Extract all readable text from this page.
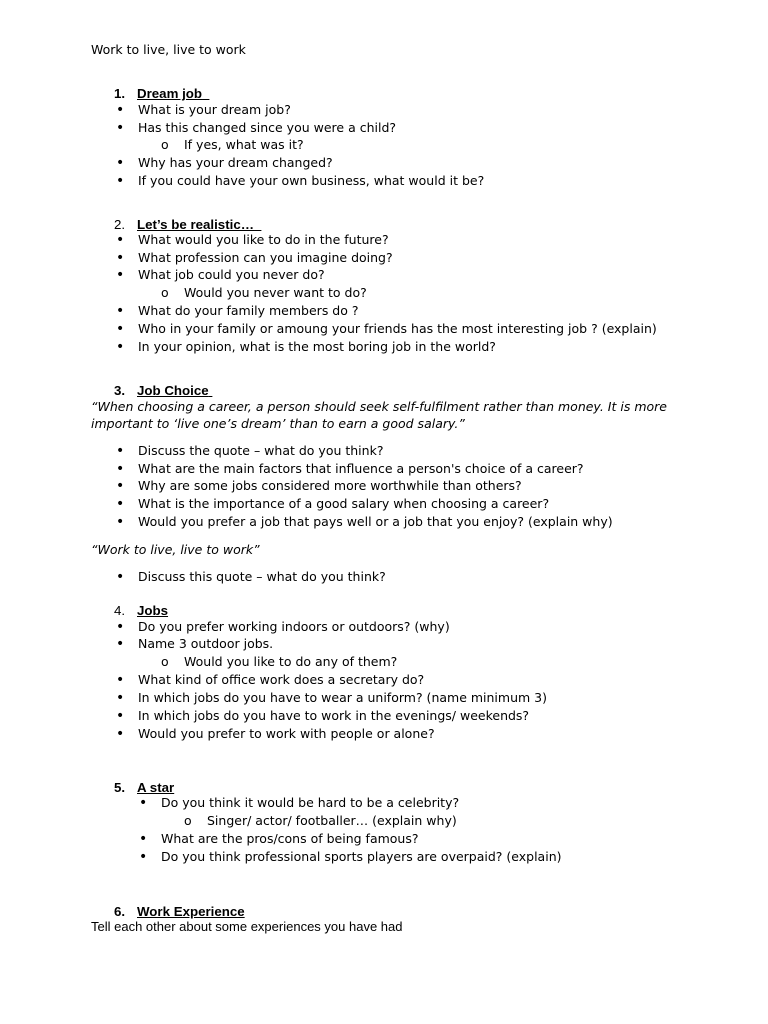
Work to live, live to work
1. Dream job
• What is your dream job?
• Has this changed since you were a child?
o If yes, what was it?
• Why has your dream changed?
• If you could have your own business, what would it be?
2. Let’s be realistic…
• What would you like to do in the future?
• What profession can you imagine doing?
• What job could you never do?
o Would you never want to do?
• What do your family members do ?
• Who in your family or amoung your friends has the most interesting job ? (explain)
• In your opinion, what is the most boring job in the world?
3. Job Choice
“When choosing a career, a person should seek self-fulfilment rather than money. It is more
important to ‘live one’s dream’ than to earn a good salary.”
• Discuss the quote – what do you think?
• What are the main factors that influence a person's choice of a career?
• Why are some jobs considered more worthwhile than others?
• What is the importance of a good salary when choosing a career?
• Would you prefer a job that pays well or a job that you enjoy? (explain why)
“Work to live, live to work”
• Discuss this quote – what do you think?
4. Jobs
• Do you prefer working indoors or outdoors? (why)
• Name 3 outdoor jobs.
o Would you like to do any of them?
• What kind of office work does a secretary do?
• In which jobs do you have to wear a uniform? (name minimum 3)
• In which jobs do you have to work in the evenings/ weekends?
• Would you prefer to work with people or alone?
5. A star
• Do you think it would be hard to be a celebrity?
o Singer/ actor/ footballer… (explain why)
• What are the pros/cons of being famous?
• Do you think professional sports players are overpaid? (explain)
6. Work Experience
Tell each other about some experiences you have had
